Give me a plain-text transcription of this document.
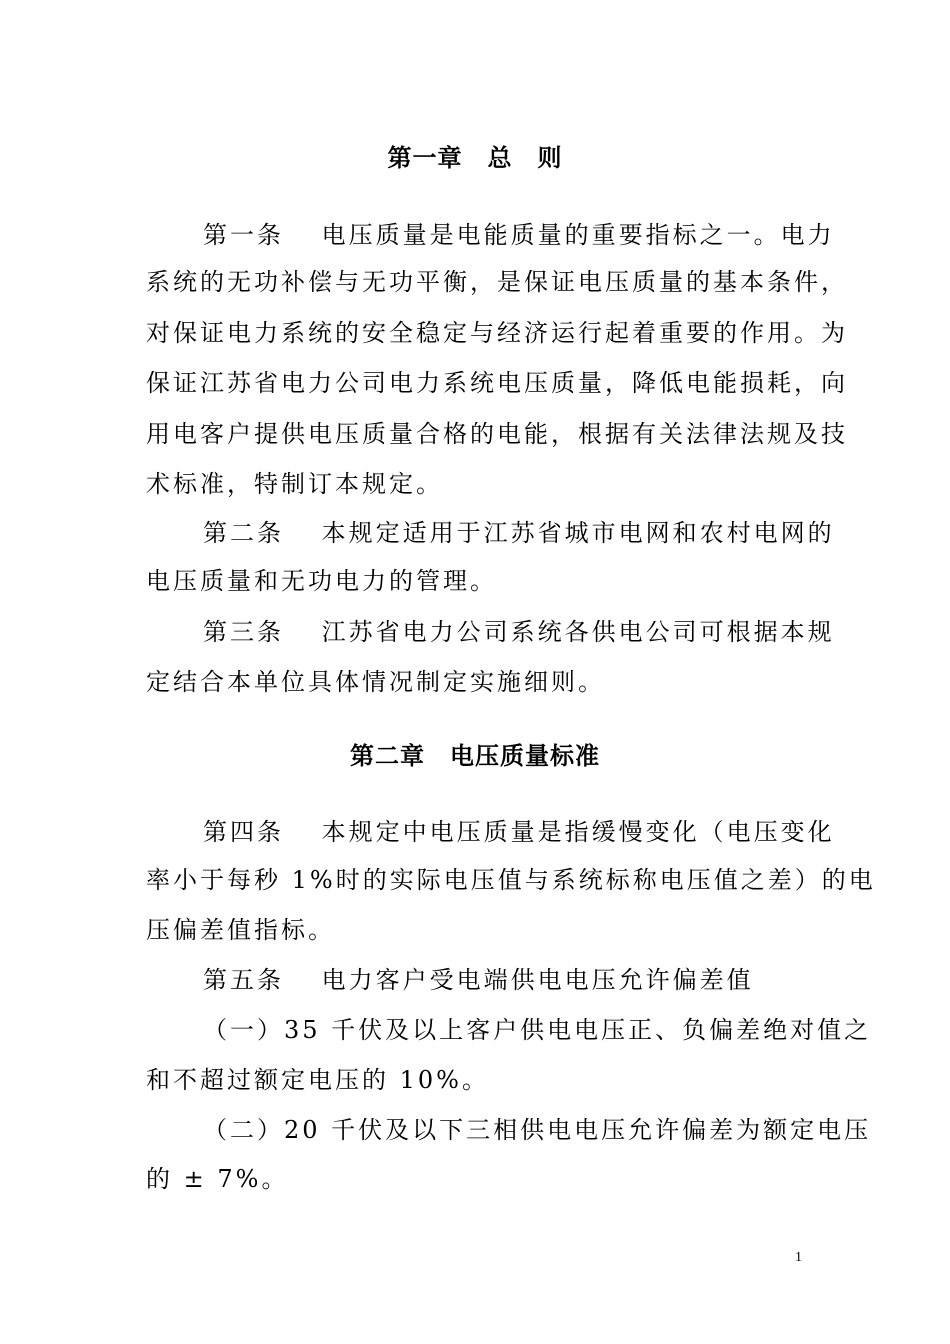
第一章　总　则
第一条　 电压质量是电能质量的重要指标之一。电力
系统的无功补偿与无功平衡，是保证电压质量的基本条件，
对保证电力系统的安全稳定与经济运行起着重要的作用。为
保证江苏省电力公司电力系统电压质量，降低电能损耗，向
用电客户提供电压质量合格的电能，根据有关法律法规及技
术标准，特制订本规定。
第二条　 本规定适用于江苏省城市电网和农村电网的
电压质量和无功电力的管理。
第三条　 江苏省电力公司系统各供电公司可根据本规
定结合本单位具体情况制定实施细则。
第二章　电压质量标准
第四条　 本规定中电压质量是指缓慢变化（电压变化
率小于每秒 1%时的实际电压值与系统标称电压值之差）的电
压偏差值指标。
第五条　 电力客户受电端供电电压允许偏差值
（一）35 千伏及以上客户供电电压正、负偏差绝对值之
和不超过额定电压的 10%。
（二）20 千伏及以下三相供电电压允许偏差为额定电压
的 ± 7%。
1
